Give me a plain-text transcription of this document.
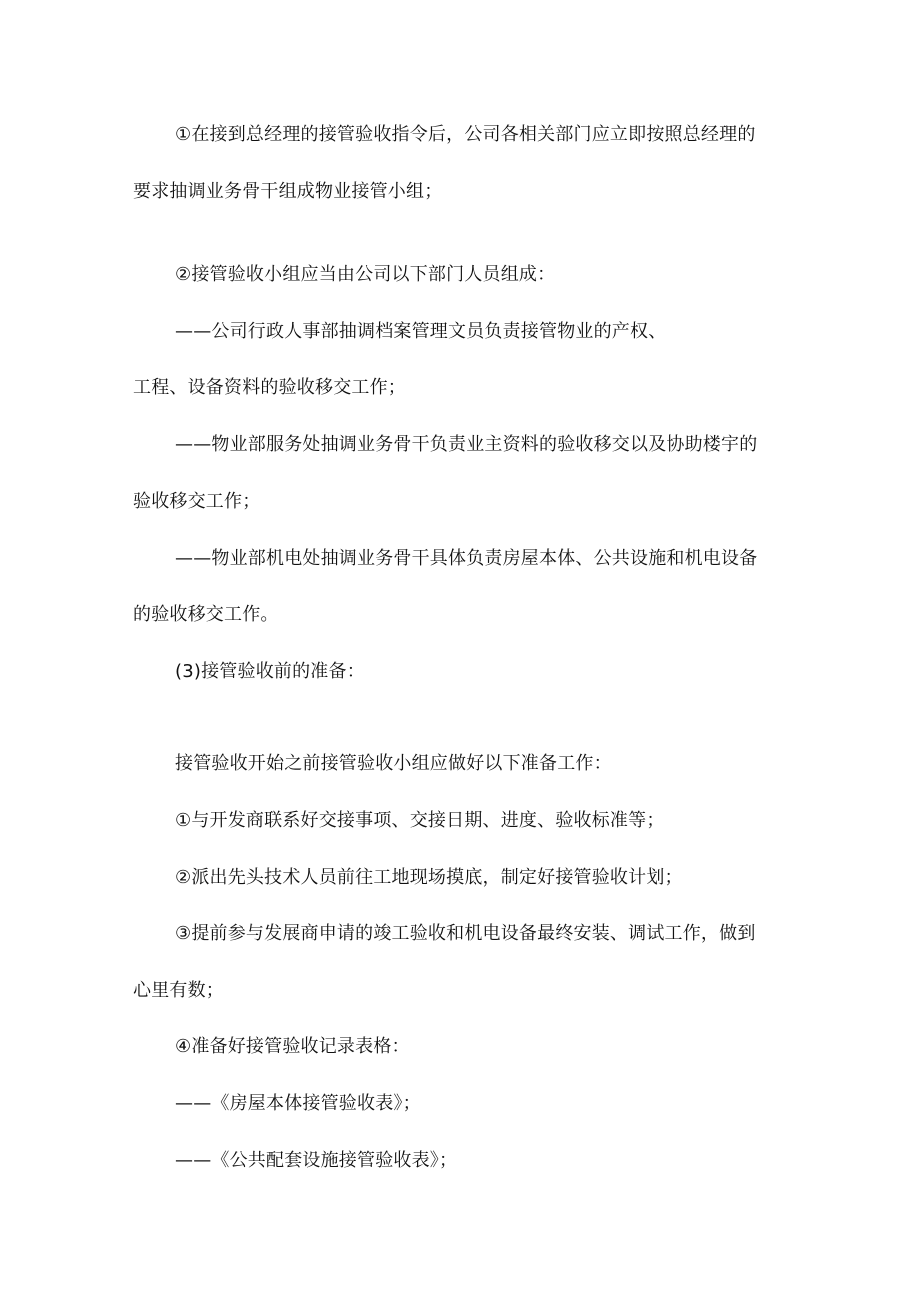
①在接到总经理的接管验收指令后，公司各相关部门应立即按照总经理的
要求抽调业务骨干组成物业接管小组；
②接管验收小组应当由公司以下部门人员组成：
——公司行政人事部抽调档案管理文员负责接管物业的产权、
工程、设备资料的验收移交工作；
——物业部服务处抽调业务骨干负责业主资料的验收移交以及协助楼宇的
验收移交工作；
——物业部机电处抽调业务骨干具体负责房屋本体、公共设施和机电设备
的验收移交工作。
(3)接管验收前的准备：
接管验收开始之前接管验收小组应做好以下准备工作：
①与开发商联系好交接事项、交接日期、进度、验收标准等；
②派出先头技术人员前往工地现场摸底，制定好接管验收计划；
③提前参与发展商申请的竣工验收和机电设备最终安装、调试工作，做到
心里有数；
④准备好接管验收记录表格：
——《房屋本体接管验收表》；
——《公共配套设施接管验收表》；
